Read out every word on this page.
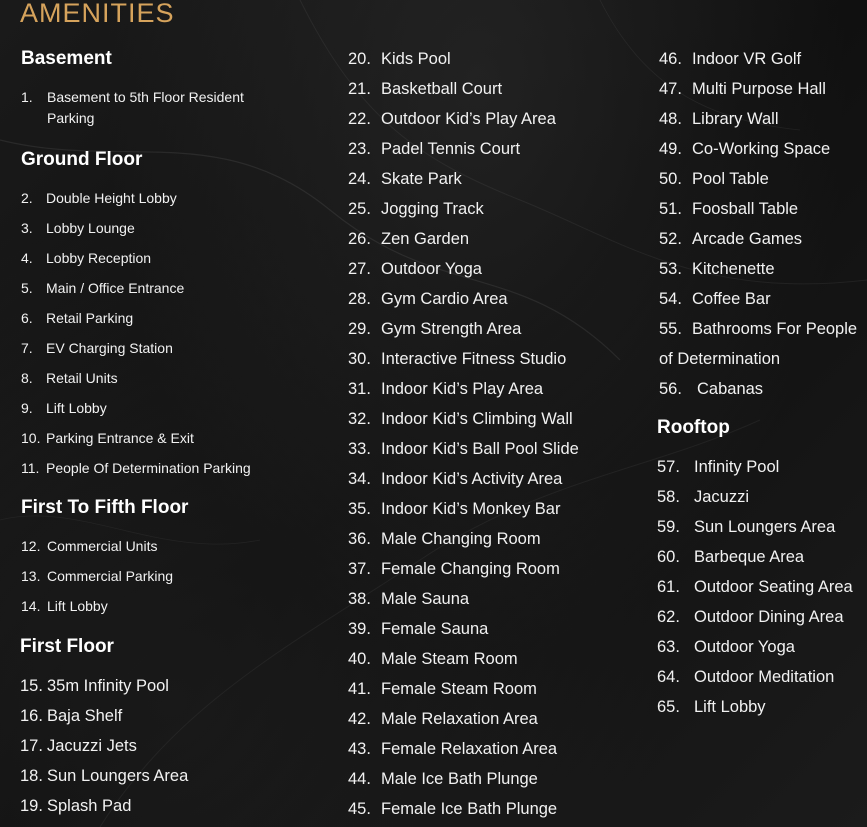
AMENITIES
Basement
1. Basement to 5th Floor Resident
Parking
Ground Floor
2. Double Height Lobby
3. Lobby Lounge
4. Lobby Reception
5. Main / Office Entrance
6. Retail Parking
7. EV Charging Station
8. Retail Units
9. Lift Lobby
10. Parking Entrance & Exit
11. People Of Determination Parking
First To Fifth Floor
12. Commercial Units
13. Commercial Parking
14. Lift Lobby
First Floor
15. 35m Infinity Pool
16. Baja Shelf
17. Jacuzzi Jets
18. Sun Loungers Area
19. Splash Pad
20. Kids Pool
21. Basketball Court
22. Outdoor Kid’s Play Area
23. Padel Tennis Court
24. Skate Park
25. Jogging Track
26. Zen Garden
27. Outdoor Yoga
28. Gym Cardio Area
29. Gym Strength Area
30. Interactive Fitness Studio
31. Indoor Kid’s Play Area
32. Indoor Kid’s Climbing Wall
33. Indoor Kid’s Ball Pool Slide
34. Indoor Kid’s Activity Area
35. Indoor Kid’s Monkey Bar
36. Male Changing Room
37. Female Changing Room
38. Male Sauna
39. Female Sauna
40. Male Steam Room
41. Female Steam Room
42. Male Relaxation Area
43. Female Relaxation Area
44. Male Ice Bath Plunge
45. Female Ice Bath Plunge
46. Indoor VR Golf
47. Multi Purpose Hall
48. Library Wall
49. Co-Working Space
50. Pool Table
51. Foosball Table
52. Arcade Games
53. Kitchenette
54. Coffee Bar
55. Bathrooms For People
of Determination
56. Cabanas
Rooftop
57. Infinity Pool
58. Jacuzzi
59. Sun Loungers Area
60. Barbeque Area
61. Outdoor Seating Area
62. Outdoor Dining Area
63. Outdoor Yoga
64. Outdoor Meditation
65. Lift Lobby
